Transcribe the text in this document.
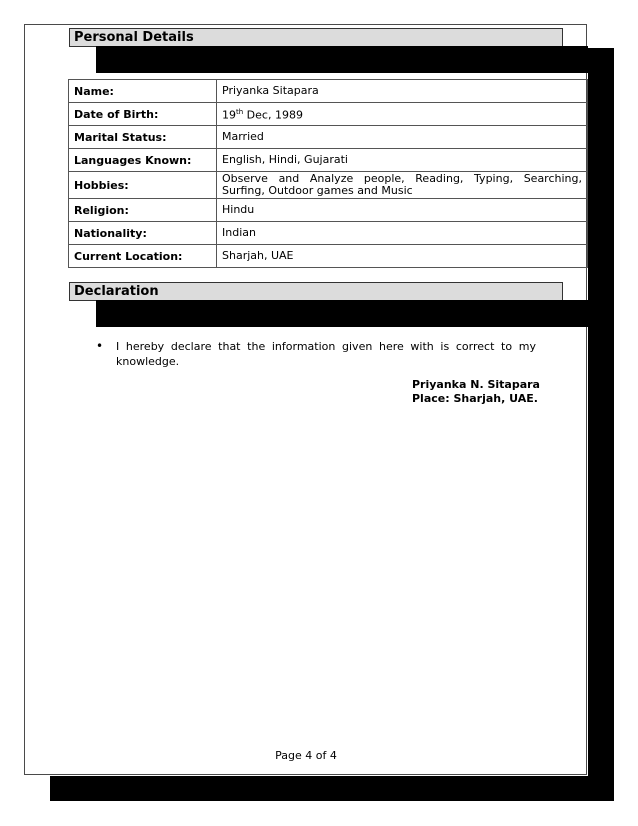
Personal Details
Name:	Priyanka Sitapara
Date of Birth:	19th Dec, 1989
Marital Status:	Married
Languages Known:	English, Hindi, Gujarati
Hobbies:	Observe and Analyze people, Reading, Typing, Searching, Surfing, Outdoor games and Music
Religion:	Hindu
Nationality:	Indian
Current Location:	Sharjah, UAE
Declaration
•	I hereby declare that the information given here with is correct to my knowledge.
Priyanka N. Sitapara
Place: Sharjah, UAE.
Page 4 of 4
